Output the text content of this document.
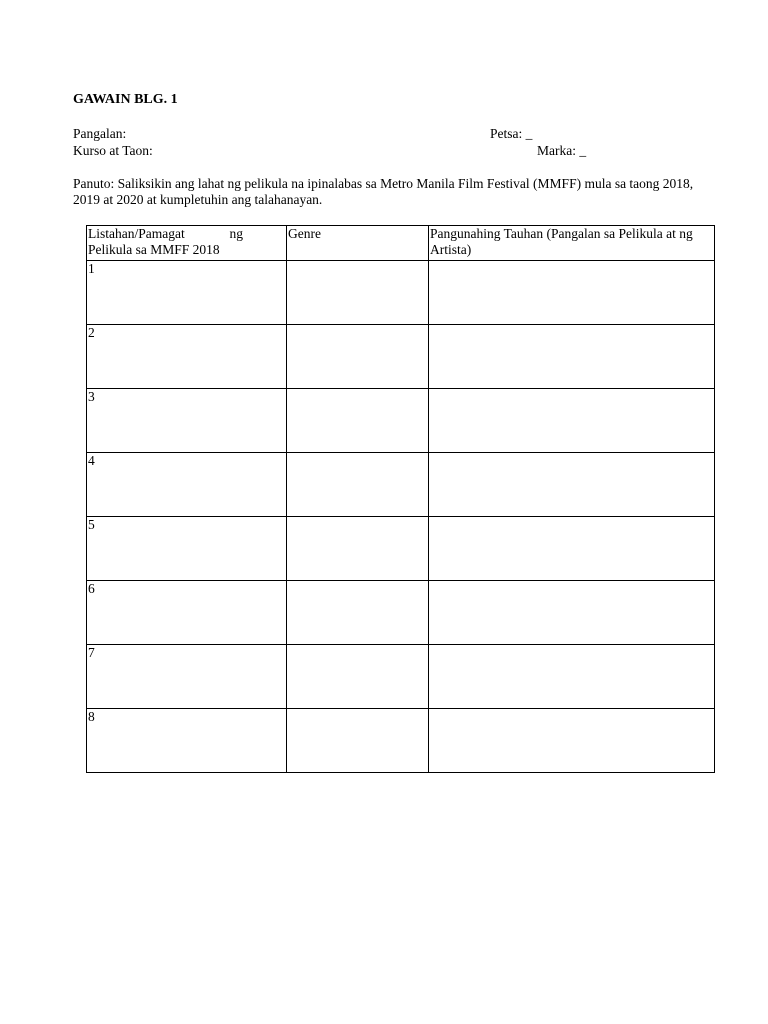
GAWAIN BLG. 1
Pangalan:	Petsa: _
Kurso at Taon:	Marka: _
Panuto: Saliksikin ang lahat ng pelikula na ipinalabas sa Metro Manila Film Festival (MMFF) mula sa taong 2018, 2019 at 2020 at kumpletuhin ang talahanayan.
Listahan/Pamagat ng
Pelikula sa MMFF 2018	Genre	Pangunahing Tauhan (Pangalan sa Pelikula at ng Artista)
1		
2		
3		
4		
5		
6		
7		
8		
